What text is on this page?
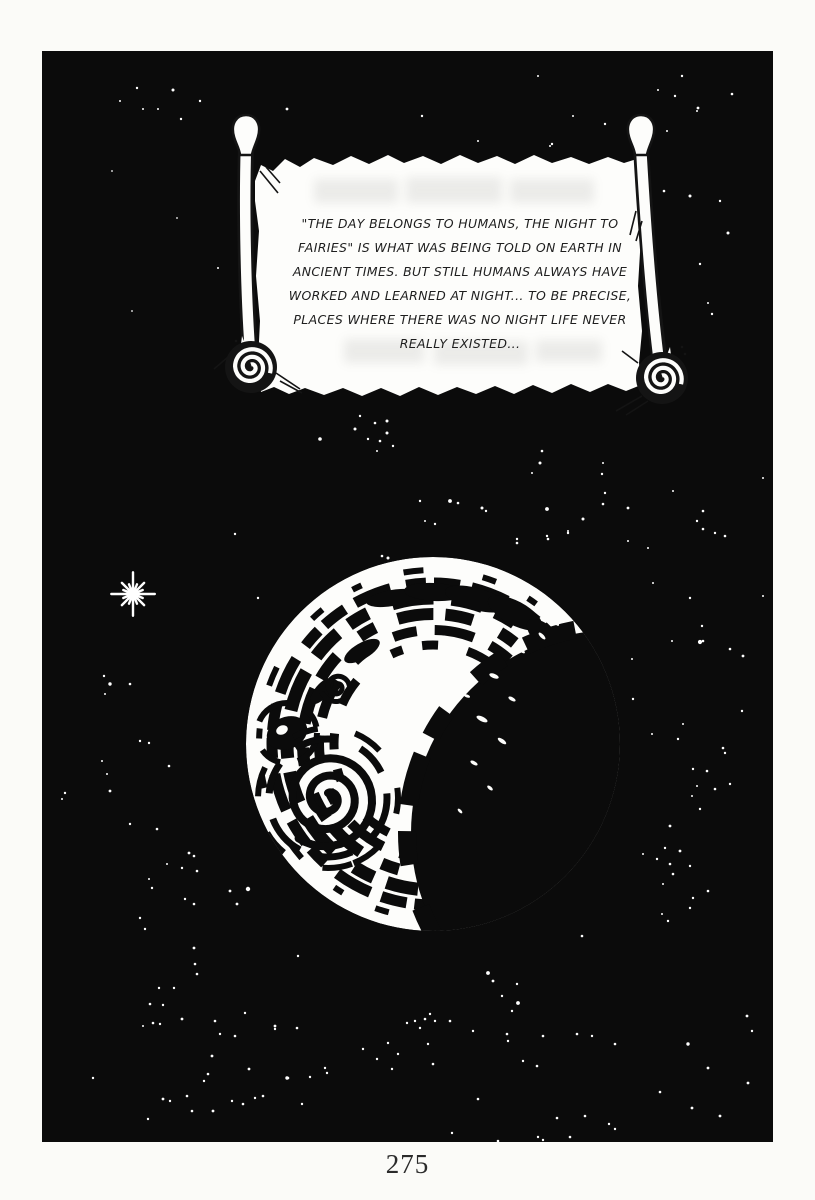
"THE DAY BELONGS TO HUMANS, THE NIGHT TO
FAIRIES" IS WHAT WAS BEING TOLD ON EARTH IN
ANCIENT TIMES. BUT STILL HUMANS ALWAYS HAVE
WORKED AND LEARNED AT NIGHT... TO BE PRECISE,
PLACES WHERE THERE WAS NO NIGHT LIFE NEVER
REALLY EXISTED...
275
